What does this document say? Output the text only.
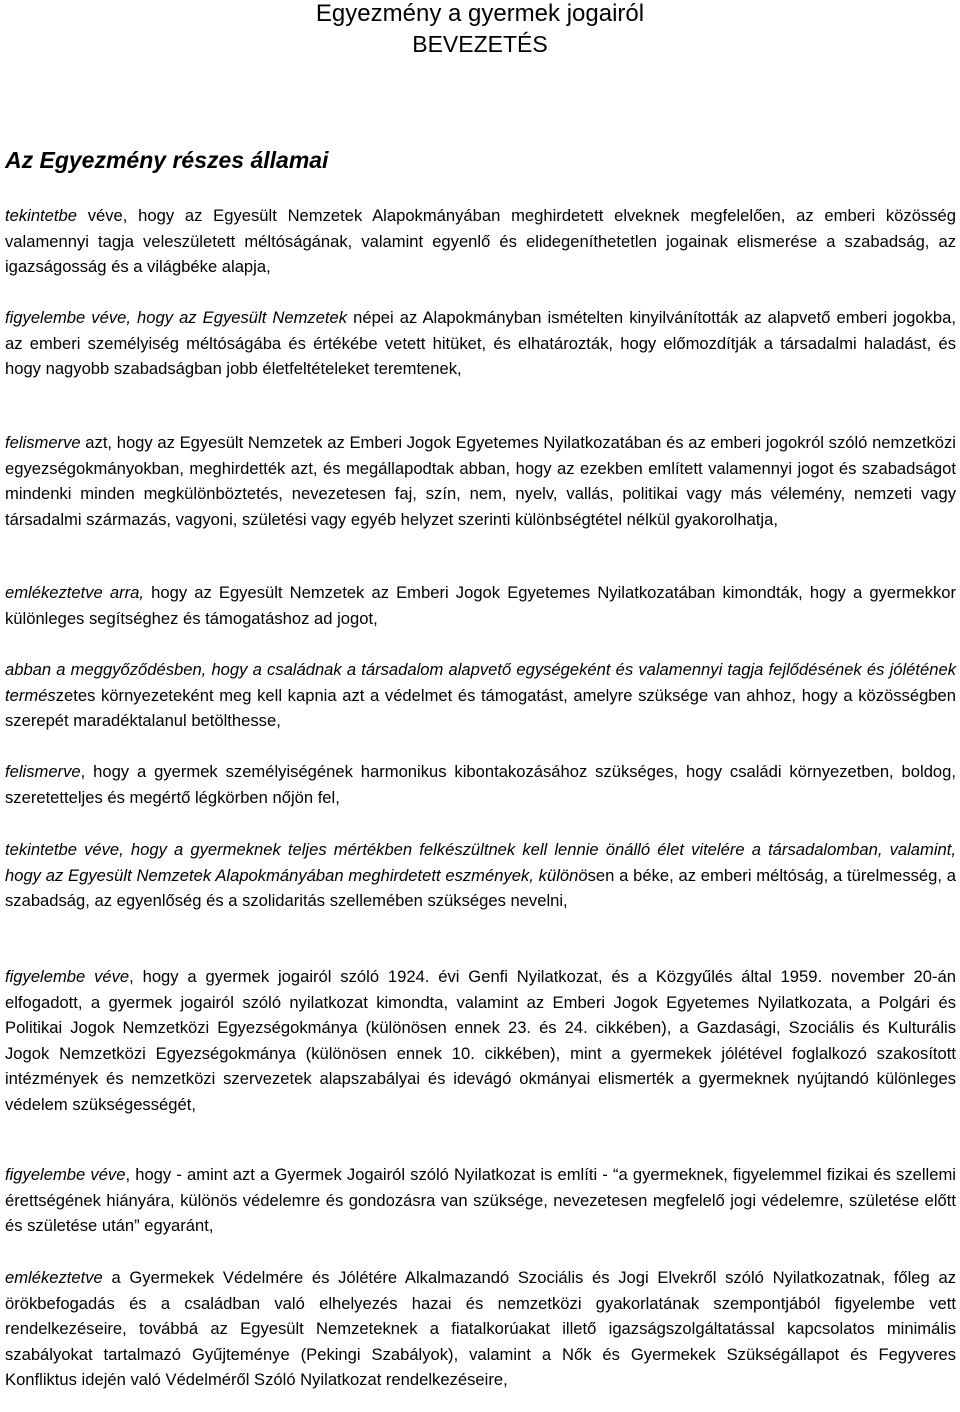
Egyezmény a gyermek jogairól
BEVEZETÉS
Az Egyezmény részes államai

tekintetbe véve, hogy az Egyesült Nemzetek Alapokmányában meghirdetett elveknek megfelelően, az emberi közösség valamennyi tagja veleszületett méltóságának, valamint egyenlő és elidegeníthetetlen jogainak elismerése a szabadság, az igazságosság és a világbéke alapja,

figyelembe véve, hogy az Egyesült Nemzetek népei az Alapokmányban ismételten kinyilvánították az alapvető emberi jogokba, az emberi személyiség méltóságába és értékébe vetett hitüket, és elhatározták, hogy előmozdítják a társadalmi haladást, és hogy nagyobb szabadságban jobb életfeltételeket teremtenek,

felismerve azt, hogy az Egyesült Nemzetek az Emberi Jogok Egyetemes Nyilatkozatában és az emberi jogokról szóló nemzetközi egyezségokmányokban, meghirdették azt, és megállapodtak abban, hogy az ezekben említett valamennyi jogot és szabadságot mindenki minden megkülönböztetés, nevezetesen faj, szín, nem, nyelv, vallás, politikai vagy más vélemény, nemzeti vagy társadalmi származás, vagyoni, születési vagy egyéb helyzet szerinti különbségtétel nélkül gyakorolhatja,

emlékeztetve arra, hogy az Egyesült Nemzetek az Emberi Jogok Egyetemes Nyilatkozatában kimondták, hogy a gyermekkor különleges segítséghez és támogatáshoz ad jogot,

abban a meggyőződésben, hogy a családnak a társadalom alapvető egységeként és valamennyi tagja fejlődésének és jólétének természetes környezeteként meg kell kapnia azt a védelmet és támogatást, amelyre szüksége van ahhoz, hogy a közösségben szerepét maradéktalanul betölthesse,

felismerve, hogy a gyermek személyiségének harmonikus kibontakozásához szükséges, hogy családi környezetben, boldog, szeretetteljes és megértő légkörben nőjön fel,

tekintetbe véve, hogy a gyermeknek teljes mértékben felkészültnek kell lennie önálló élet vitelére a társadalomban, valamint, hogy az Egyesült Nemzetek Alapokmányában meghirdetett eszmények, különösen a béke, az emberi méltóság, a türelmesség, a szabadság, az egyenlőség és a szolidaritás szellemében szükséges nevelni,

figyelembe véve, hogy a gyermek jogairól szóló 1924. évi Genfi Nyilatkozat, és a Közgyűlés által 1959. november 20-án elfogadott, a gyermek jogairól szóló nyilatkozat kimondta, valamint az Emberi Jogok Egyetemes Nyilatkozata, a Polgári és Politikai Jogok Nemzetközi Egyezségokmánya (különösen ennek 23. és 24. cikkében), a Gazdasági, Szociális és Kulturális Jogok Nemzetközi Egyezségokmánya (különösen ennek 10. cikkében), mint a gyermekek jólétével foglalkozó szakosított intézmények és nemzetközi szervezetek alapszabályai és idevágó okmányai elismerték a gyermeknek nyújtandó különleges védelem szükségességét,

figyelembe véve, hogy - amint azt a Gyermek Jogairól szóló Nyilatkozat is említi - “a gyermeknek, figyelemmel fizikai és szellemi érettségének hiányára, különös védelemre és gondozásra van szüksége, nevezetesen megfelelő jogi védelemre, születése előtt és születése után” egyaránt,

emlékeztetve a Gyermekek Védelmére és Jólétére Alkalmazandó Szociális és Jogi Elvekről szóló Nyilatkozatnak, főleg az örökbefogadás és a családban való elhelyezés hazai és nemzetközi gyakorlatának szempontjából figyelembe vett rendelkezéseire, továbbá az Egyesült Nemzeteknek a fiatalkorúakat illető igazságszolgáltatással kapcsolatos minimális szabályokat tartalmazó Gyűjteménye (Pekingi Szabályok), valamint a Nők és Gyermekek Szükségállapot és Fegyveres Konfliktus idején való Védelméről Szóló Nyilatkozat rendelkezéseire,
